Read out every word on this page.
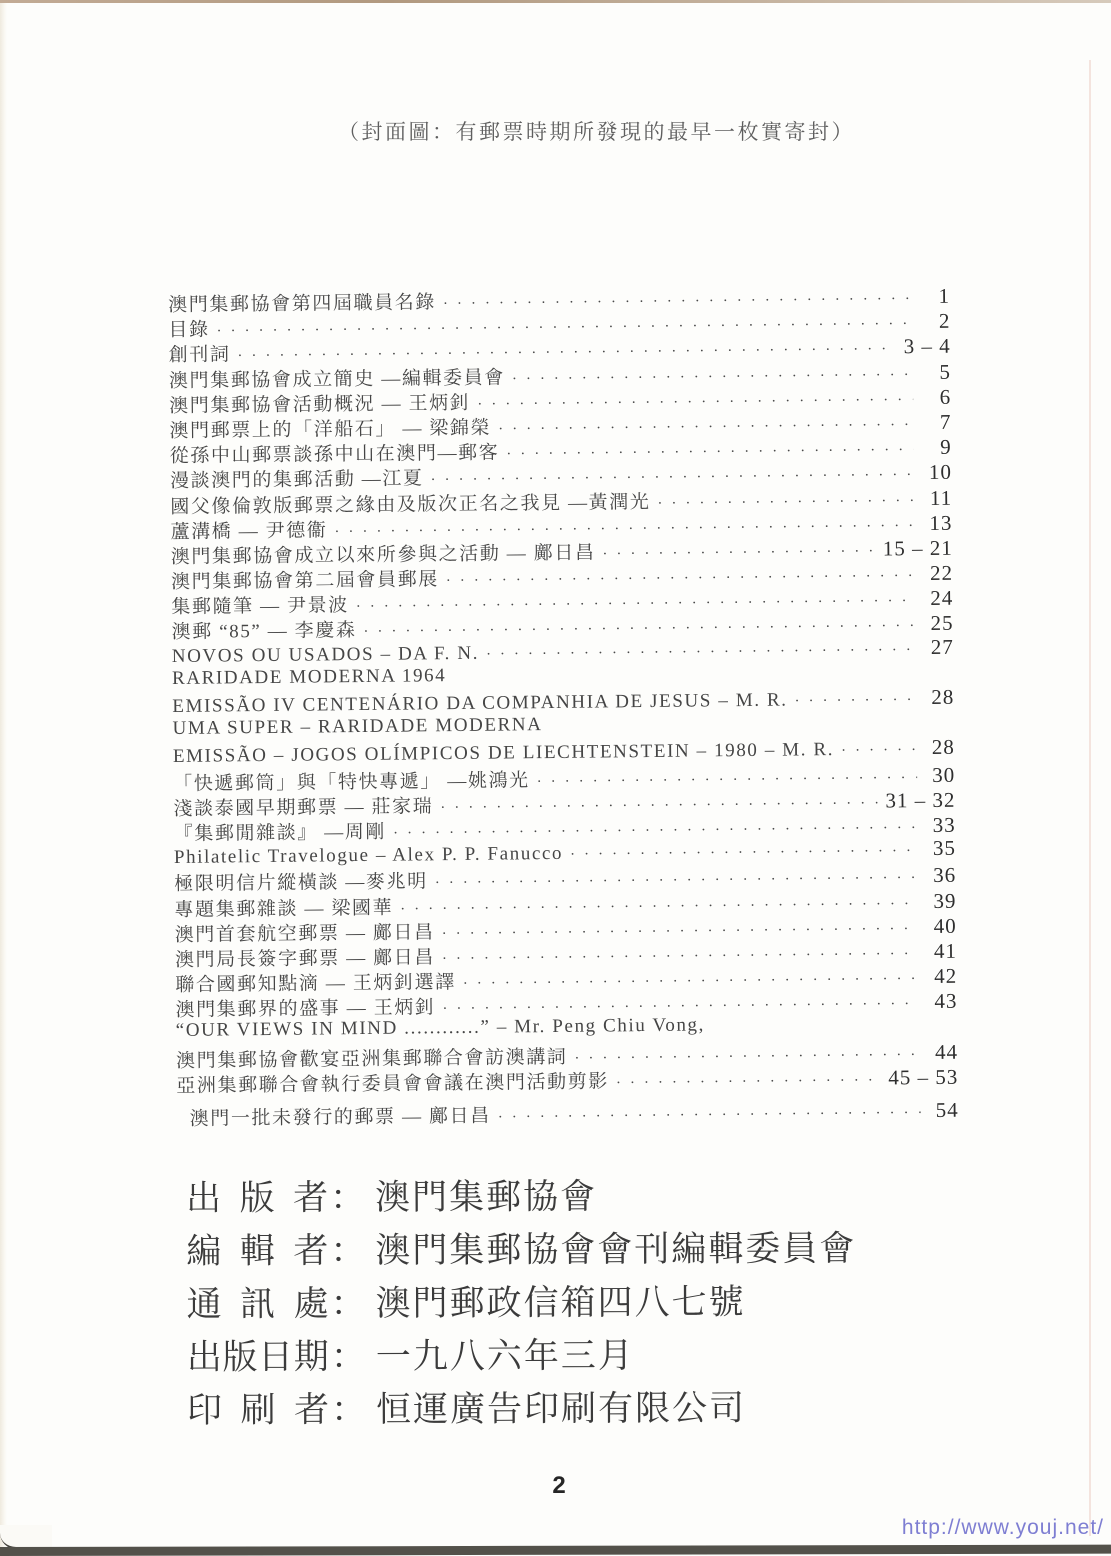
（封面圖：有郵票時期所發現的最早一枚實寄封）
澳門集郵協會第四屆職員名錄 ·····	1
目錄 ·····	2
創刊詞 ·····	3 – 4
澳門集郵協會成立簡史 —編輯委員會 ·····	5
澳門集郵協會活動概況 — 王炳釗 ·····	6
澳門郵票上的「洋船石」 — 梁錦榮 ·····	7
從孫中山郵票談孫中山在澳門—郵客 ·····	9
漫談澳門的集郵活動 —江夏 ·····	10
國父像倫敦版郵票之緣由及版次正名之我見 —黃潤光 ·····	11
蘆溝橋 — 尹德衞 ·····	13
澳門集郵協會成立以來所參與之活動 — 鄺日昌 ·····	15 – 21
澳門集郵協會第二屆會員郵展 ·····	22
集郵隨筆 — 尹景波 ·····	24
澳郵 “85” — 李慶森 ·····	25
NOVOS OU USADOS – DA F. N. ·····	27
RARIDADE MODERNA 1964
EMISSÃO IV CENTENÁRIO DA COMPANHIA DE JESUS – M. R. ·····	28
UMA SUPER – RARIDADE MODERNA
EMISSÃO – JOGOS OLÍMPICOS DE LIECHTENSTEIN – 1980 – M. R. ·····	28
「快遞郵筒」與「特快專遞」 —姚鴻光 ·····	30
淺談泰國早期郵票 — 莊家瑞 ·····	31 – 32
『集郵閒雜談』 —周剛 ·····	33
Philatelic Travelogue – Alex P. P. Fanucco ·····	35
極限明信片縱橫談 —麥兆明 ·····	36
專題集郵雜談 — 梁國華 ·····	39
澳門首套航空郵票 — 鄺日昌 ·····	40
澳門局長簽字郵票 — 鄺日昌 ·····	41
聯合國郵知點滴 — 王炳釗選譯 ·····	42
澳門集郵界的盛事 — 王炳釗 ·····	43
“OUR VIEWS IN MIND ............” – Mr. Peng Chiu Vong,
澳門集郵協會歡宴亞洲集郵聯合會訪澳講詞 ·····	44
亞洲集郵聯合會執行委員會會議在澳門活動剪影 ·····	45 – 53
澳門一批未發行的郵票 — 鄺日昌 ·····	54
出版者： 澳門集郵協會
編輯者： 澳門集郵協會會刊編輯委員會
通訊處： 澳門郵政信箱四八七號
出版日期： 一九八六年三月
印刷者： 恒運廣告印刷有限公司
2
http://www.youj.net/
